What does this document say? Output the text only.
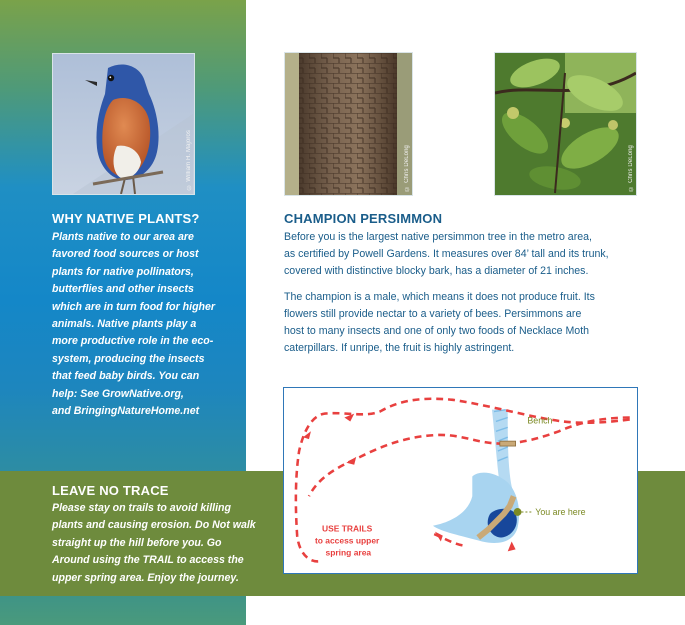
© William H. Majoros	© Chris DeLong	© Chris DeLong
WHY NATIVE PLANTS?
Plants native to our area are
favored food sources or host
plants for native pollinators,
butterflies and other insects
which are in turn food for higher
animals. Native plants play a
more productive role in the eco-
system, producing the insects
that feed baby birds. You can
help: See GrowNative.org,
and BringingNatureHome.net
LEAVE NO TRACE
Please stay on trails to avoid killing
plants and causing erosion. Do Not walk
straight up the hill before you. Go
Around using the TRAIL to access the
upper spring area. Enjoy the journey.
CHAMPION PERSIMMON
Before you is the largest native persimmon tree in the metro area,
as certified by Powell Gardens. It measures over 84’ tall and its trunk,
covered with distinctive blocky bark, has a diameter of 21 inches.
The champion is a male, which means it does not produce fruit. Its
flowers still provide nectar to a variety of bees. Persimmons are
host to many insects and one of only two foods of Necklace Moth
caterpillars. If unripe, the fruit is highly astringent.
Bench
You are here
USE TRAILS to access upper spring area
